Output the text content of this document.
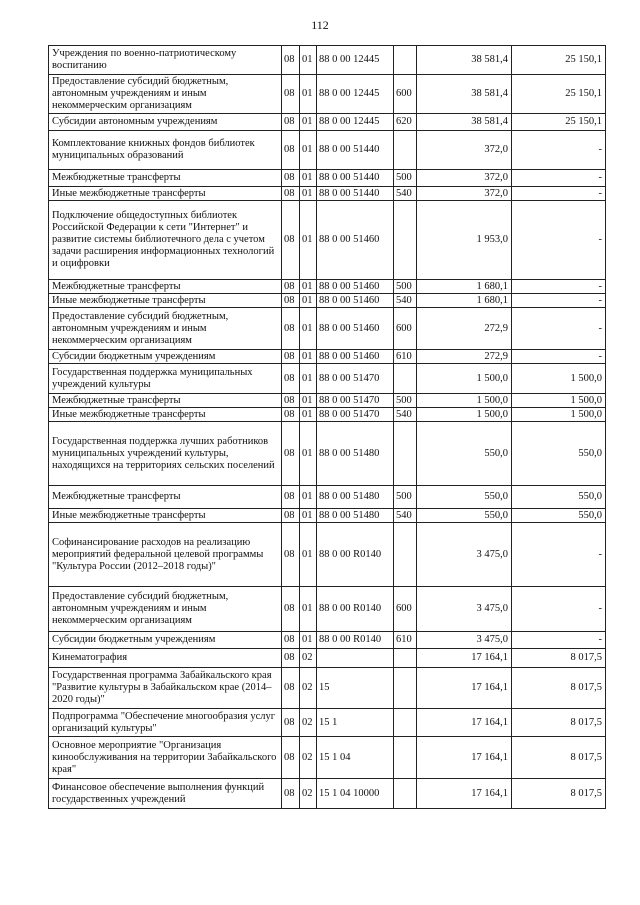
112
Учреждения по военно-патриотическому воспитанию	08	01	88 0 00 12445		38 581,4	25 150,1
Предоставление субсидий бюджетным, автономным учреждениям и иным некоммерческим организациям	08	01	88 0 00 12445	600	38 581,4	25 150,1
Субсидии автономным учреждениям	08	01	88 0 00 12445	620	38 581,4	25 150,1
Комплектование книжных фондов библиотек муниципальных образований	08	01	88 0 00 51440		372,0	-
Межбюджетные трансферты	08	01	88 0 00 51440	500	372,0	-
Иные межбюджетные трансферты	08	01	88 0 00 51440	540	372,0	-
Подключение общедоступных библиотек Российской Федерации к сети "Интернет" и развитие системы библиотечного дела с учетом задачи расширения информационных технологий и оцифровки	08	01	88 0 00 51460		1 953,0	-
Межбюджетные трансферты	08	01	88 0 00 51460	500	1 680,1	-
Иные межбюджетные трансферты	08	01	88 0 00 51460	540	1 680,1	-
Предоставление субсидий бюджетным, автономным учреждениям и иным некоммерческим организациям	08	01	88 0 00 51460	600	272,9	-
Субсидии бюджетным учреждениям	08	01	88 0 00 51460	610	272,9	-
Государственная поддержка муниципальных учреждений культуры	08	01	88 0 00 51470		1 500,0	1 500,0
Межбюджетные трансферты	08	01	88 0 00 51470	500	1 500,0	1 500,0
Иные межбюджетные трансферты	08	01	88 0 00 51470	540	1 500,0	1 500,0
Государственная поддержка лучших работников муниципальных учреждений культуры, находящихся на территориях сельских поселений	08	01	88 0 00 51480		550,0	550,0
Межбюджетные трансферты	08	01	88 0 00 51480	500	550,0	550,0
Иные межбюджетные трансферты	08	01	88 0 00 51480	540	550,0	550,0
Софинансирование расходов на реализацию мероприятий федеральной целевой программы "Культура России (2012–2018 годы)"	08	01	88 0 00 R0140		3 475,0	-
Предоставление субсидий бюджетным, автономным учреждениям и иным некоммерческим организациям	08	01	88 0 00 R0140	600	3 475,0	-
Субсидии бюджетным учреждениям	08	01	88 0 00 R0140	610	3 475,0	-
Кинематография	08	02			17 164,1	8 017,5
Государственная программа Забайкальского края "Развитие культуры в Забайкальском крае (2014–2020 годы)"	08	02	15		17 164,1	8 017,5
Подпрограмма "Обеспечение многообразия услуг организаций культуры"	08	02	15 1		17 164,1	8 017,5
Основное мероприятие "Организация кинообслуживания на территории Забайкальского края"	08	02	15 1 04		17 164,1	8 017,5
Финансовое обеспечение выполнения функций государственных учреждений	08	02	15 1 04 10000		17 164,1	8 017,5
